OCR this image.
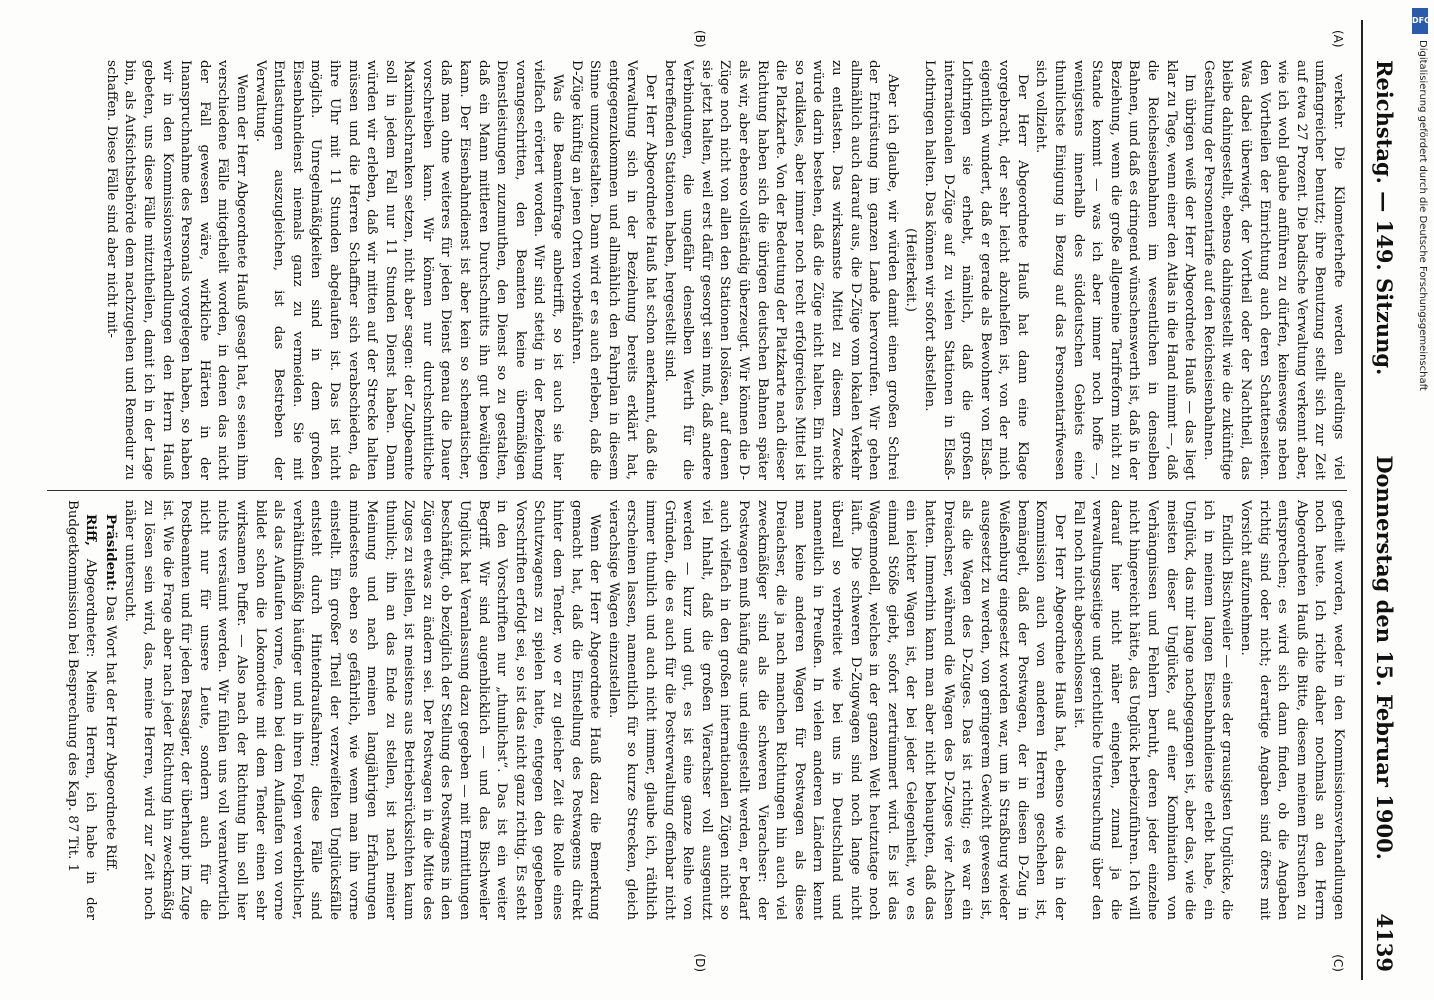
DFG
Digitalisierung gefördert durch die Deutsche Forschungsgemeinschaft
Reichstag. — 149. Sitzung.
Donnerstag den 15. Februar 1900.
4139
(A)
(B)
(C)
(D)

verkehr. Die Kilometerhefte werden allerdings viel umfangreicher benutzt; ihre Benutzung stellt sich zur Zeit auf etwa 27 Prozent. Die badische Verwaltung verkennt aber, wie ich wohl glaube anführen zu dürfen, keineswegs neben den Vortheilen der Einrichtung auch deren Schattenseiten. Was dabei überwiegt, der Vortheil oder der Nachtheil, das bleibe dahingestellt, ebenso dahingestellt wie die zukünftige Gestaltung der Personentarife auf den Reichseisenbahnen.

Im übrigen weiß der Herr Abgeordnete Hauß — das liegt klar zu Tage, wenn einer den Atlas in die Hand nimmt —, daß die Reichseisenbahnen im wesentlichen in denselben Bahnen, und daß es dringend wünschenswerth ist, daß in der Beziehung, wenn die große allgemeine Tarifreform nicht zu Stande kommt — was ich aber immer noch hoffe —, wenigstens innerhalb des süddeutschen Gebiets eine thunlichste Einigung in Bezug auf das Personentarifwesen sich vollzieht.

Der Herr Abgeordnete Hauß hat dann eine Klage vorgebracht, der sehr leicht abzuhelfen ist, von der mich eigentlich wundert, daß er gerade als Bewohner von Elsaß-Lothringen sie erhebt, nämlich, daß die großen internationalen D-Züge auf zu vielen Stationen in Elsaß-Lothringen halten. Das können wir sofort abstellen.

(Heiterkeit.)

Aber ich glaube, wir würden damit einen großen Schrei der Entrüstung im ganzen Lande hervorrufen. Wir gehen allmählich auch darauf aus, die D-Züge vom lokalen Verkehr zu entlasten. Das wirksamste Mittel zu diesem Zwecke würde darin bestehen, daß die Züge nicht halten. Ein nicht so radikales, aber immer noch recht erfolgreiches Mittel ist die Platzkarte. Von der Bedeutung der Platzkarte nach dieser Richtung haben sich die übrigen deutschen Bahnen später als wir, aber ebenso vollständig überzeugt. Wir können die D-Züge noch nicht von allen den Stationen loslösen, auf denen sie jetzt halten, weil erst dafür gesorgt sein muß, daß andere Verbindungen, die ungefähr denselben Werth für die betreffenden Stationen haben, hergestellt sind.

Der Herr Abgeordnete Hauß hat schon anerkannt, daß die Verwaltung sich in der Beziehung bereits erklärt hat, entgegenzukommen und allmählich den Fahrplan in diesem Sinne umzugestalten. Dann wird er es auch erleben, daß die D-Züge künftig an jenen Orten vorbeifahren.

Was die Beamtenfrage anbetrifft, so ist auch sie hier vielfach erörtert worden. Wir sind stetig in der Beziehung vorangeschritten, den Beamten keine übermäßigen Dienstleistungen zuzumuthen, den Dienst so zu gestalten, daß ein Mann mittleren Durchschnitts ihn gut bewältigen kann. Der Eisenbahndienst ist aber kein so schematischer, daß man ohne weiteres für jeden Dienst genau die Dauer vorschreiben kann. Wir können nur durchschnittliche Maximalschranken setzen, nicht aber sagen: der Zugbeamte soll in jedem Fall nur 11 Stunden Dienst haben. Dann würden wir erleben, daß wir mitten auf der Strecke halten müssen und die Herren Schaffner sich verabschieden, da ihre Uhr mit 11 Stunden abgelaufen ist. Das ist nicht möglich. Unregelmäßigkeiten sind in dem großen Eisenbahndienst niemals ganz zu vermeiden. Sie mit Entlastungen auszugleichen, ist das Bestreben der Verwaltung.

Wenn der Herr Abgeordnete Hauß gesagt hat, es seien ihm verschiedene Fälle mitgetheilt worden, in denen das nicht der Fall gewesen wäre, wirkliche Härten in der Inanspruchnahme des Personals vorgelegen haben, so haben wir in den Kommissionsverhandlungen den Herrn Hauß gebeten, uns diese Fälle mitzutheilen, damit ich in der Lage bin, als Aufsichtsbehörde dem nachzugehen und Remedur zu schaffen. Diese Fälle sind aber nicht mit-

getheilt worden, weder in den Kommissionsverhandlungen noch heute. Ich richte daher nochmals an den Herrn Abgeordneten Hauß die Bitte, diesem meinem Ersuchen zu entsprechen; es wird sich dann finden, ob die Angaben richtig sind oder nicht; derartige Angaben sind öfters mit Vorsicht aufzunehmen.

Endlich Bischweiler — eines der grausigsten Unglücke, die ich in meinem langen Eisenbahndienste erlebt habe, ein Unglück, das mir lange nachgegangen ist, aber das, wie die meisten dieser Unglücke, auf einer Kombination von Verhängnissen und Fehlern beruht, deren jeder einzelne nicht hingereicht hätte, das Unglück herbeizuführen. Ich will darauf hier nicht näher eingehen, zumal ja die verwaltungsseitige und gerichtliche Untersuchung über den Fall noch nicht abgeschlossen ist.

Der Herr Abgeordnete Hauß hat, ebenso wie das in der Kommission auch von anderen Herren geschehen ist, bemängelt, daß der Postwagen, der in diesen D-Zug in Weißenburg eingesetzt worden war, um in Straßburg wieder ausgesetzt zu werden, von geringerem Gewicht gewesen ist, als die Wagen des D-Zuges. Das ist richtig; es war ein Dreiachser, während die Wagen des D-Zuges vier Achsen hatten. Immerhin kann man aber nicht behaupten, daß das ein leichter Wagen ist, der bei jeder Gelegenheit, wo es einmal Stöße giebt, sofort zertrümmert wird. Es ist das Wagenmodell, welches in der ganzen Welt heutzutage noch läuft. Die schweren D-Zugwagen sind noch lange nicht überall so verbreitet wie bei uns in Deutschland und namentlich in Preußen. In vielen anderen Ländern kennt man keine anderen Wagen für Postwagen als diese Dreiachser, die ja nach manchen Richtungen hin auch viel zweckmäßiger sind als die schweren Vierachser: der Postwagen muß häufig aus- und eingestellt werden, er bedarf auch vielfach in den großen internationalen Zügen nicht so viel Inhalt, daß die großen Vierachser voll ausgenutzt werden — kurz und gut, es ist eine ganze Reihe von Gründen, die es auch für die Postverwaltung offenbar nicht immer thunlich und auch nicht immer, glaube ich, räthlich erscheinen lassen, namentlich für so kurze Strecken, gleich vierachsige Wagen einzustellen.

Wenn der Herr Abgeordnete Hauß dazu die Bemerkung gemacht hat, daß die Einstellung des Postwagens direkt hinter dem Tender, wo er zu gleicher Zeit die Rolle eines Schutzwagens zu spielen hatte, entgegen den gegebenen Vorschriften erfolgt sei, so ist das nicht ganz richtig. Es steht in den Vorschriften nur „thunlichst“. Das ist ein weiter Begriff. Wir sind augenblicklich — und das Bischweiler Unglück hat Veranlassung dazu gegeben — mit Ermittlungen beschäftigt, ob bezüglich der Stellung des Postwagens in den Zügen etwas zu ändern sei. Der Postwagen in die Mitte des Zuges zu stellen, ist meistens aus Betriebsrücksichten kaum thunlich; ihn an das Ende zu stellen, ist nach meiner Meinung und nach meinen langjährigen Erfahrungen mindestens eben so gefährlich, wie wenn man ihn vorne einstellt. Ein großer Theil der verzweifelten Unglücksfälle entsteht durch Hintendraufsahren; diese Fälle sind verhältnißmäßig häufiger und in ihren Folgen verderblicher, als das Auflaufen vorne, denn bei dem Auflaufen von vorne bildet schon die Lokomotive mit dem Tender einen sehr wirksamen Puffer. — Also nach der Richtung hin soll hier nichts versäumt werden. Wir fühlen uns voll verantwortlich nicht nur für unsere Leute, sondern auch für die Postbeamten und für jeden Passagier, der überhaupt im Zuge ist. Wie die Frage aber nach jeder Richtung hin zweckmäßig zu lösen sein wird, das, meine Herren, wird zur Zeit noch näher untersucht.

Präsident: Das Wort hat der Herr Abgeordnete Riff.

Riff, Abgeordneter: Meine Herren, ich habe in der Budgetkommission bei Besprechung des Kap. 87 Tit. 1
